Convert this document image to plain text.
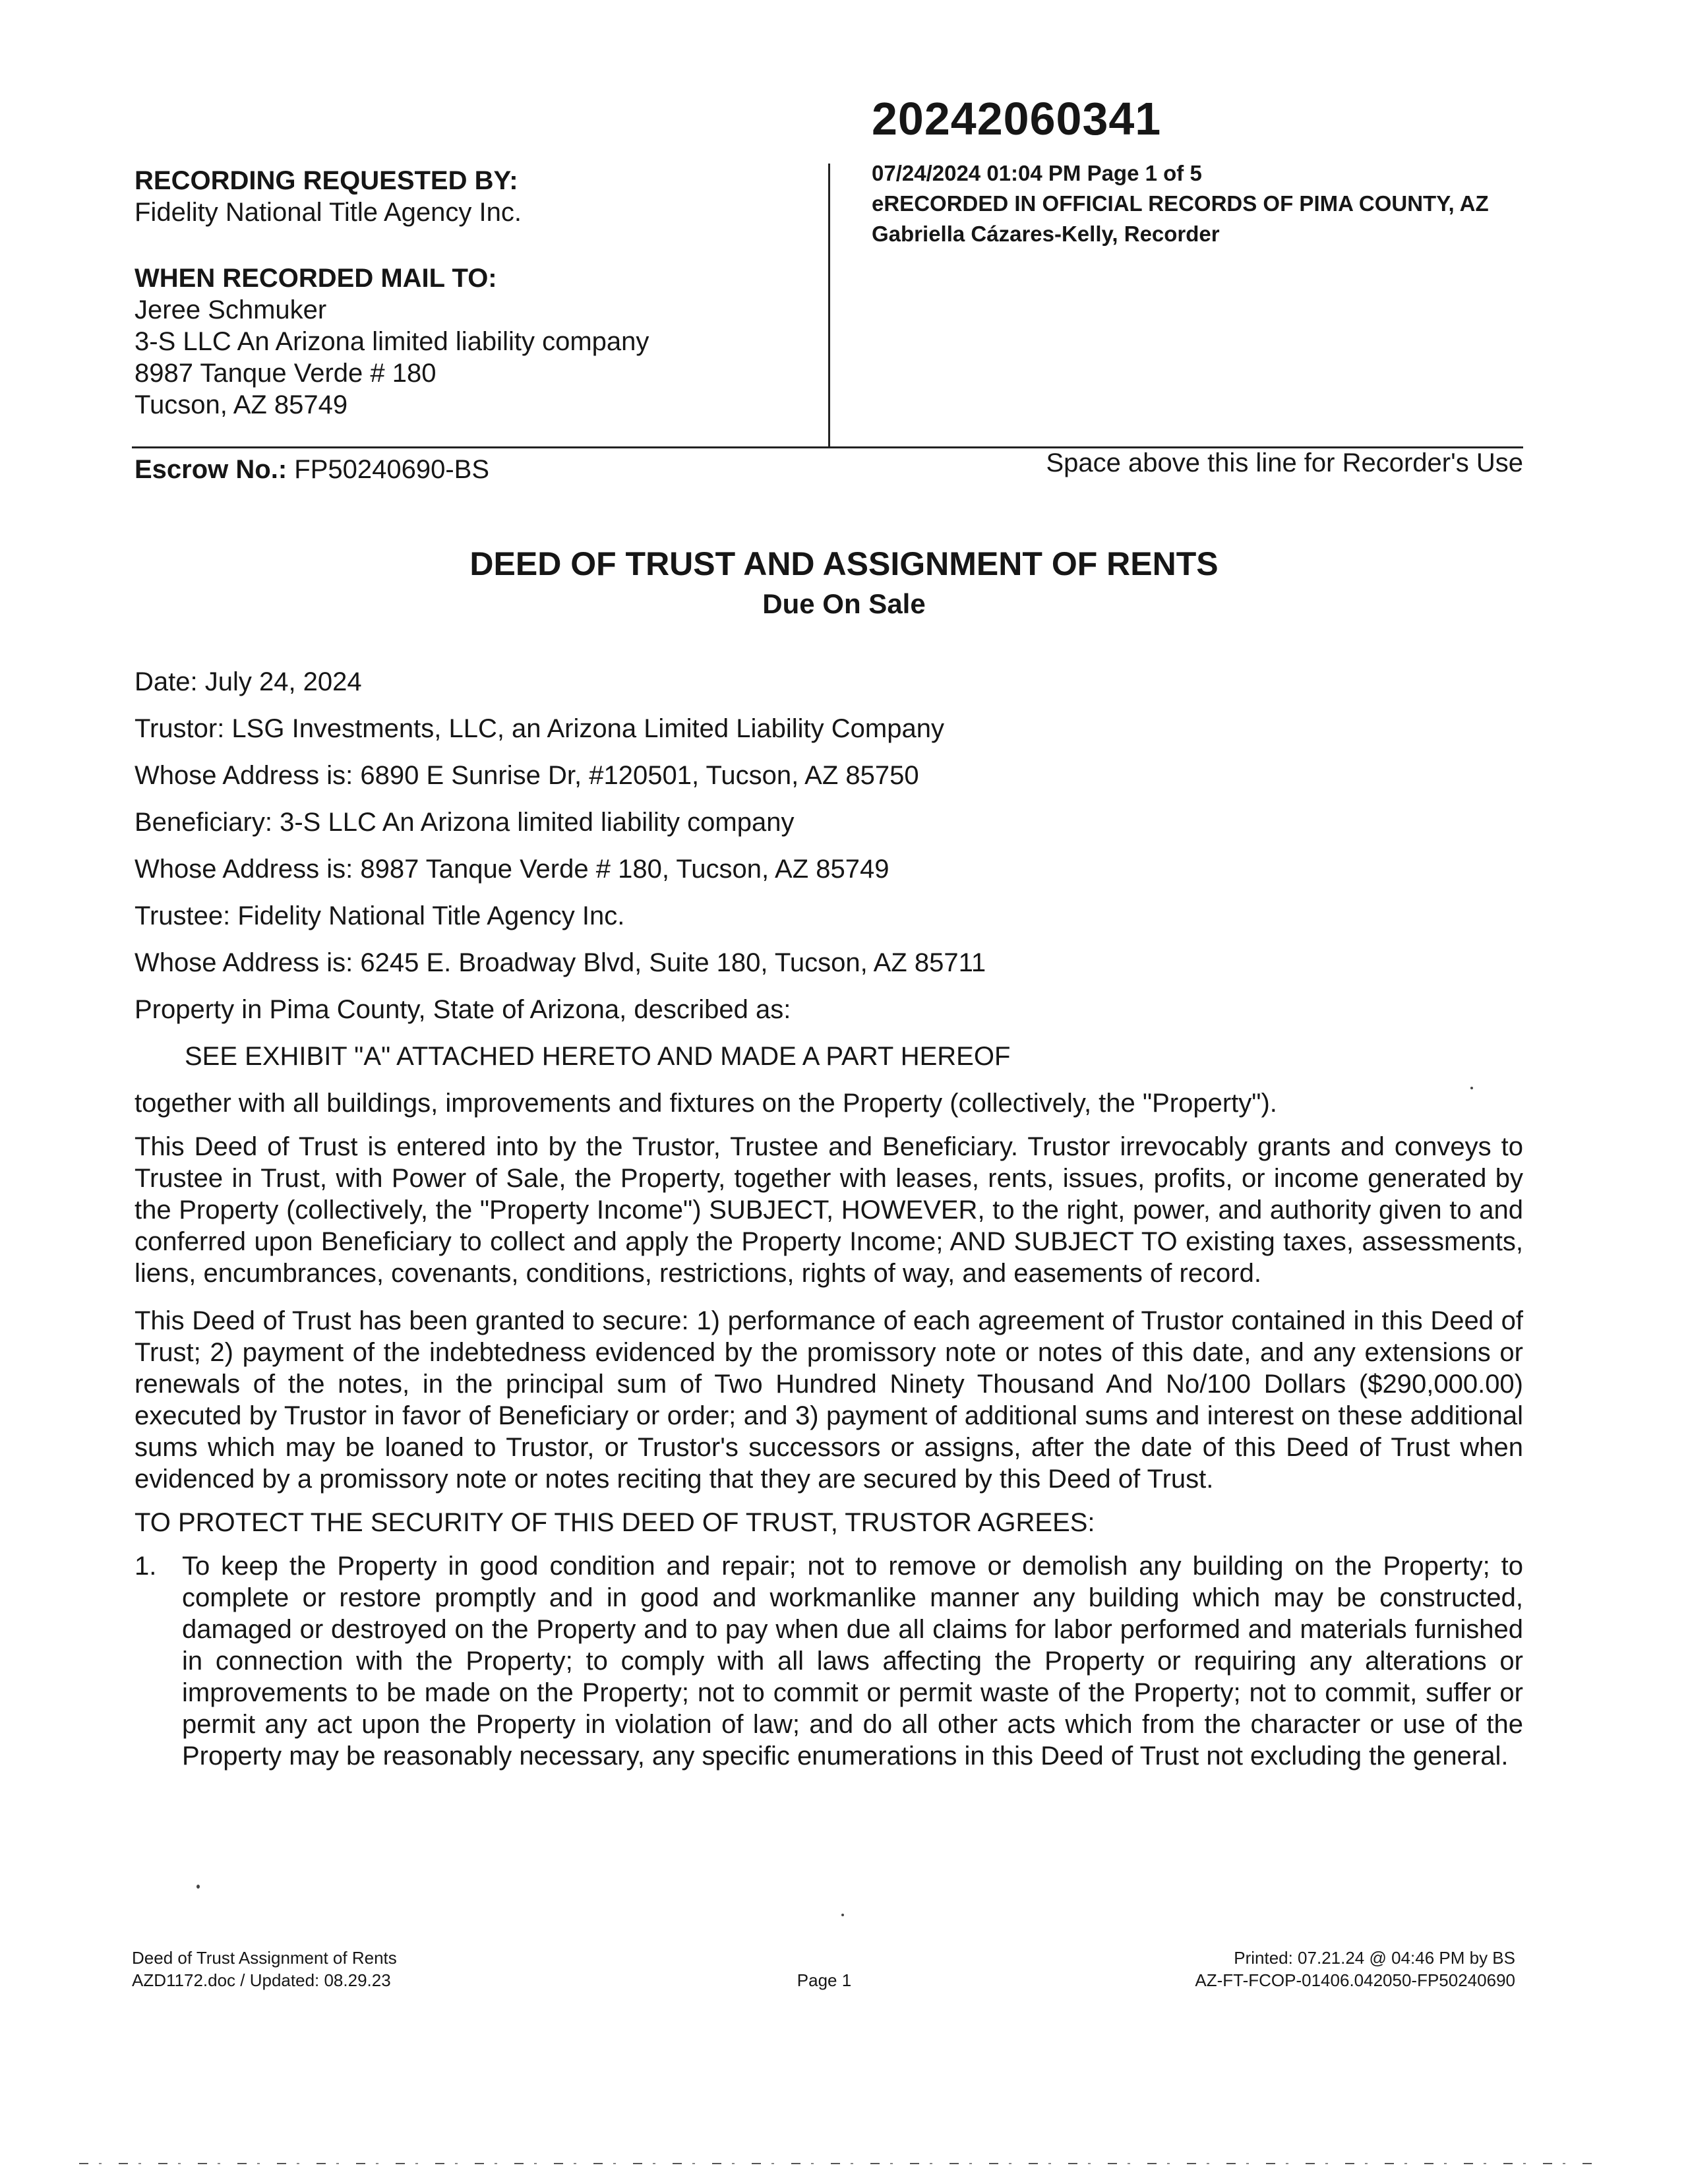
20242060341
07/24/2024 01:04 PM Page 1 of 5
eRECORDED IN OFFICIAL RECORDS OF PIMA COUNTY, AZ
Gabriella Cázares-Kelly, Recorder
RECORDING REQUESTED BY:
Fidelity National Title Agency Inc.
WHEN RECORDED MAIL TO:
Jeree Schmuker
3-S LLC An Arizona limited liability company
8987 Tanque Verde # 180
Tucson, AZ 85749
Escrow No.: FP50240690-BS	Space above this line for Recorder's Use
DEED OF TRUST AND ASSIGNMENT OF RENTS
Due On Sale
Date: July 24, 2024
Trustor: LSG Investments, LLC, an Arizona Limited Liability Company
Whose Address is: 6890 E Sunrise Dr, #120501, Tucson, AZ 85750
Beneficiary: 3-S LLC An Arizona limited liability company
Whose Address is: 8987 Tanque Verde # 180, Tucson, AZ 85749
Trustee: Fidelity National Title Agency Inc.
Whose Address is: 6245 E. Broadway Blvd, Suite 180, Tucson, AZ 85711
Property in Pima County, State of Arizona, described as:
SEE EXHIBIT "A" ATTACHED HERETO AND MADE A PART HEREOF
together with all buildings, improvements and fixtures on the Property (collectively, the "Property").
This Deed of Trust is entered into by the Trustor, Trustee and Beneficiary. Trustor irrevocably grants and conveys to Trustee in Trust, with Power of Sale, the Property, together with leases, rents, issues, profits, or income generated by the Property (collectively, the "Property Income") SUBJECT, HOWEVER, to the right, power, and authority given to and conferred upon Beneficiary to collect and apply the Property Income; AND SUBJECT TO existing taxes, assessments, liens, encumbrances, covenants, conditions, restrictions, rights of way, and easements of record.
This Deed of Trust has been granted to secure: 1) performance of each agreement of Trustor contained in this Deed of Trust; 2) payment of the indebtedness evidenced by the promissory note or notes of this date, and any extensions or renewals of the notes, in the principal sum of Two Hundred Ninety Thousand And No/100 Dollars ($290,000.00) executed by Trustor in favor of Beneficiary or order; and 3) payment of additional sums and interest on these additional sums which may be loaned to Trustor, or Trustor's successors or assigns, after the date of this Deed of Trust when evidenced by a promissory note or notes reciting that they are secured by this Deed of Trust.
TO PROTECT THE SECURITY OF THIS DEED OF TRUST, TRUSTOR AGREES:
1. To keep the Property in good condition and repair; not to remove or demolish any building on the Property; to complete or restore promptly and in good and workmanlike manner any building which may be constructed, damaged or destroyed on the Property and to pay when due all claims for labor performed and materials furnished in connection with the Property; to comply with all laws affecting the Property or requiring any alterations or improvements to be made on the Property; not to commit or permit waste of the Property; not to commit, suffer or permit any act upon the Property in violation of law; and do all other acts which from the character or use of the Property may be reasonably necessary, any specific enumerations in this Deed of Trust not excluding the general.
Deed of Trust Assignment of Rents
AZD1172.doc / Updated: 08.29.23	Page 1
Printed: 07.21.24 @ 04:46 PM by BS
AZ-FT-FCOP-01406.042050-FP50240690
